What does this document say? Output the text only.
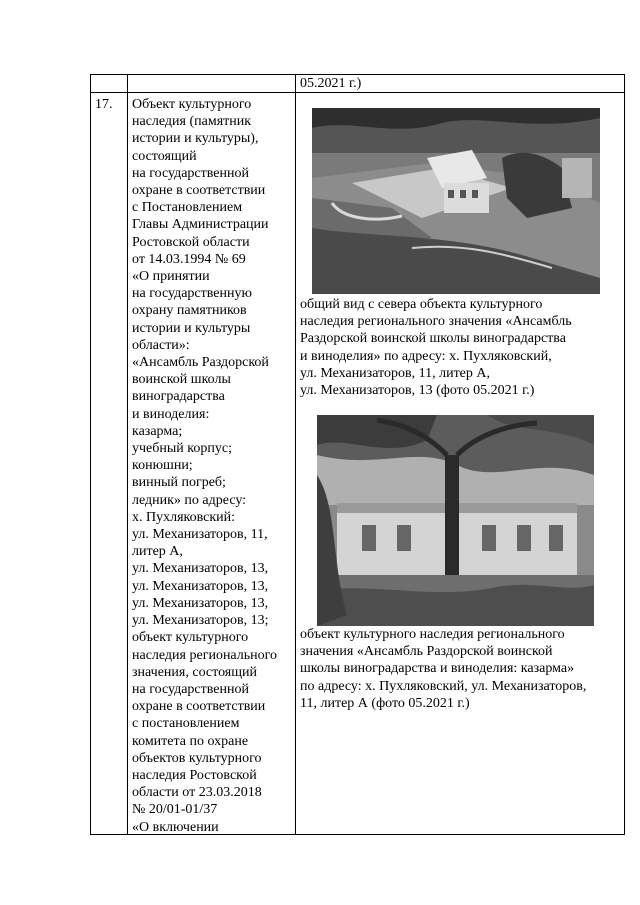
05.2021 г.)
17. Объект культурного
наследия (памятник
истории и культуры),
состоящий
на государственной
охране в соответствии
с Постановлением
Главы Администрации
Ростовской области
от 14.03.1994 № 69
«О принятии
на государственную
охрану памятников
истории и культуры
области»:
«Ансамбль Раздорской
воинской школы
виноградарства
и виноделия:
казарма;
учебный корпус;
конюшни;
винный погреб;
ледник» по адресу:
х. Пухляковский:
ул. Механизаторов, 11,
литер А,
ул. Механизаторов, 13,
ул. Механизаторов, 13,
ул. Механизаторов, 13,
ул. Механизаторов, 13;
объект культурного
наследия регионального
значения, состоящий
на государственной
охране в соответствии
с постановлением
комитета по охране
объектов культурного
наследия Ростовской
области от 23.03.2018
№ 20/01-01/37
«О включении
общий вид с севера объекта культурного
наследия регионального значения «Ансамбль
Раздорской воинской школы виноградарства
и виноделия» по адресу: х. Пухляковский,
ул. Механизаторов, 11, литер А,
ул. Механизаторов, 13 (фото 05.2021 г.)
объект культурного наследия регионального
значения «Ансамбль Раздорской воинской
школы виноградарства и виноделия: казарма»
по адресу: х. Пухляковский, ул. Механизаторов,
11, литер А (фото 05.2021 г.)
